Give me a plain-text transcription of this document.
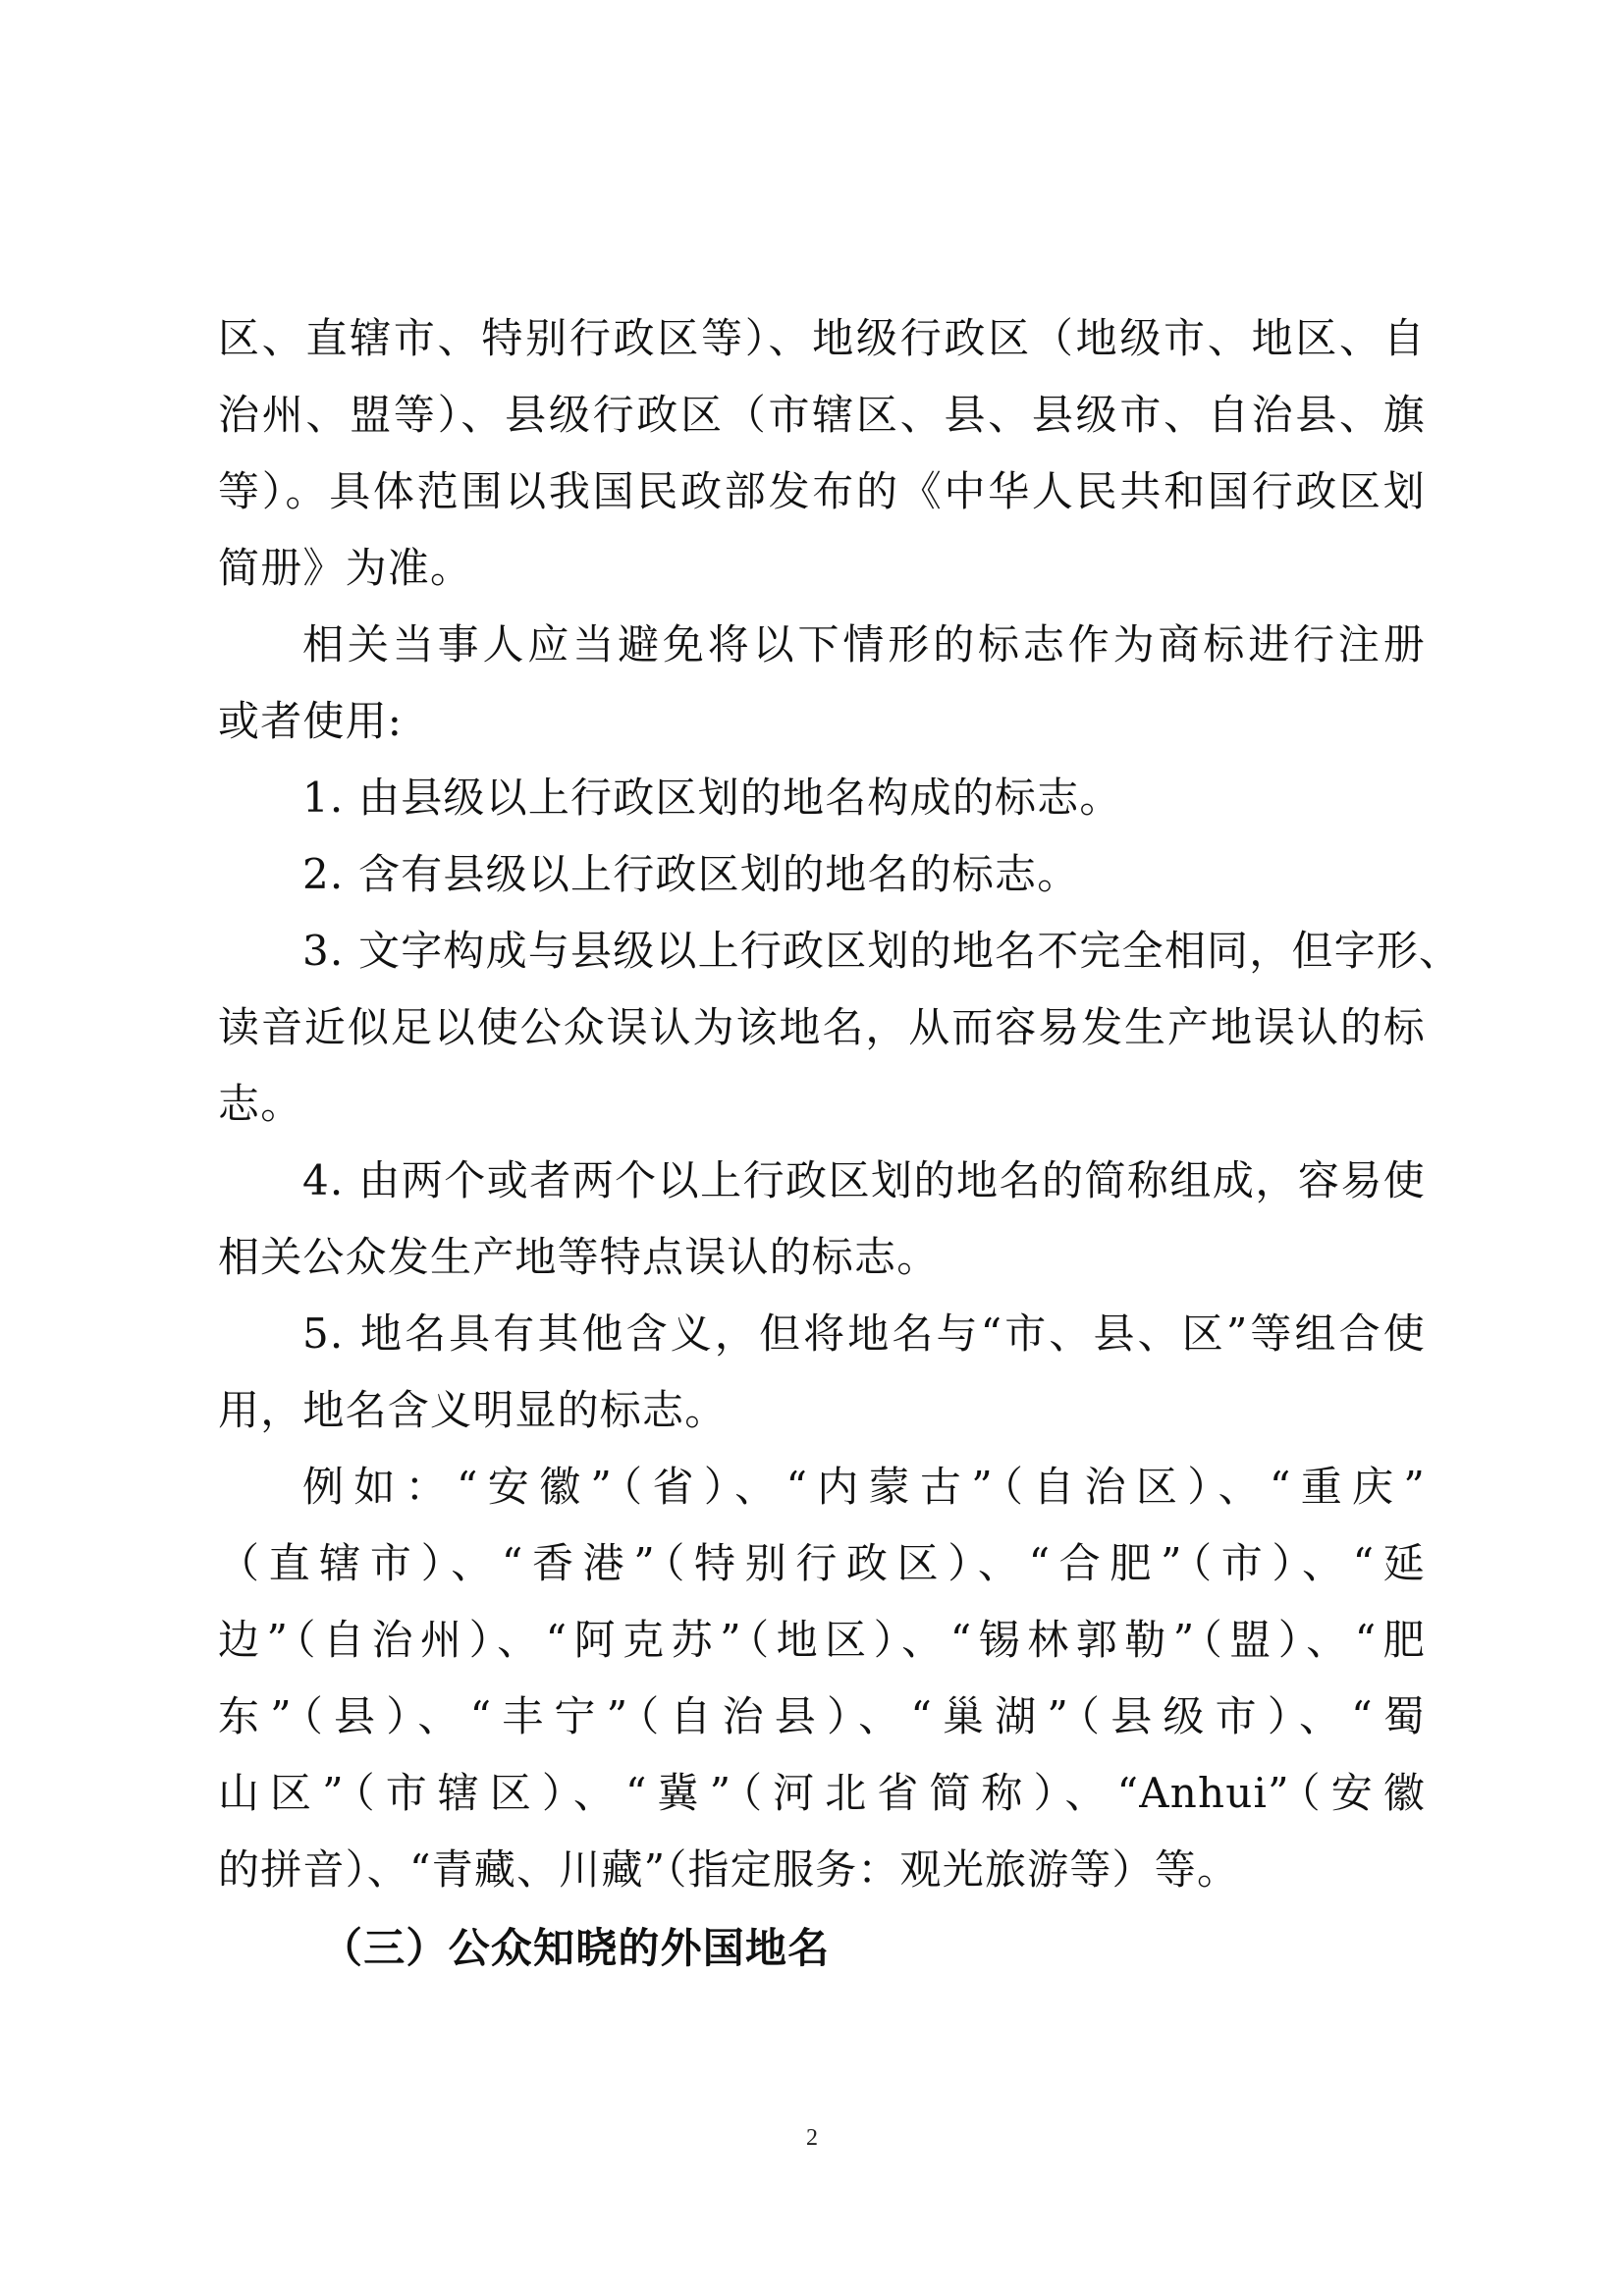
区、直辖市、特别行政区等）、地级行政区（地级市、地区、自
治州、盟等）、县级行政区（市辖区、县、县级市、自治县、旗
等）。具体范围以我国民政部发布的《中华人民共和国行政区划
简册》为准。
相关当事人应当避免将以下情形的标志作为商标进行注册
或者使用:
1. 由县级以上行政区划的地名构成的标志。
2. 含有县级以上行政区划的地名的标志。
3. 文字构成与县级以上行政区划的地名不完全相同，但字形、
读音近似足以使公众误认为该地名，从而容易发生产地误认的标
志。
4. 由两个或者两个以上行政区划的地名的简称组成，容易使
相关公众发生产地等特点误认的标志。
5. 地名具有其他含义，但将地名与“市、县、区”等组合使
用，地名含义明显的标志。
例如：“安徽”（省）、“内蒙古”（自治区）、“重庆”
（直辖市）、“香港”（特别行政区）、“合肥”（市）、“延
边”（自治州）、“阿克苏”（地区）、“锡林郭勒”（盟）、“肥
东”（县）、“丰宁”（自治县）、“巢湖”（县级市）、“蜀
山区”（市辖区）、“冀”（河北省简称）、“Anhui”（安徽
的拼音）、“青藏、川藏”（指定服务：观光旅游等）等。
（三）公众知晓的外国地名
2
